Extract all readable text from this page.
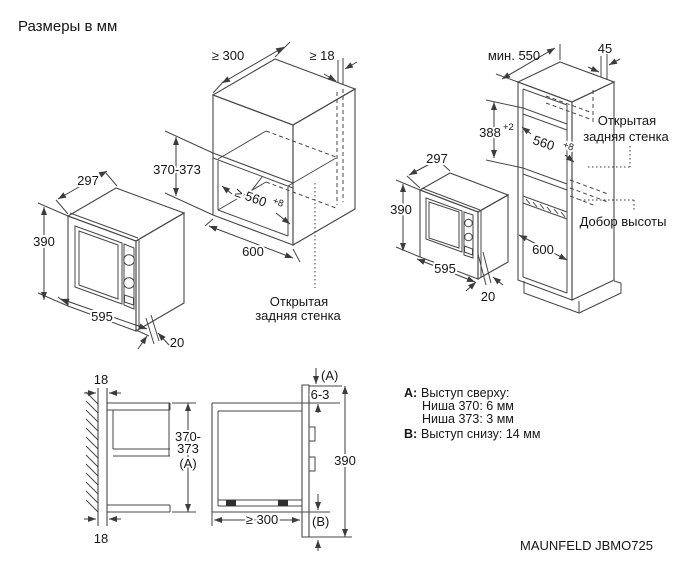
Размеры в мм
≥ 300	≥ 18
370-373
≥ 560 +8
600
Открытая
задняя стенка
297
390
595
20
мин. 550	45
388 +2
560 +8
600
Открытая
задняя стенка
Добор высоты
297
390
595
20
18
18
370-
373
(A)
(A)
6-3
390
≥ 300	(B)
A: Выступ сверху:
Ниша 370: 6 мм
Ниша 373: 3 мм
B: Выступ снизу: 14 мм
MAUNFELD JBMO725
